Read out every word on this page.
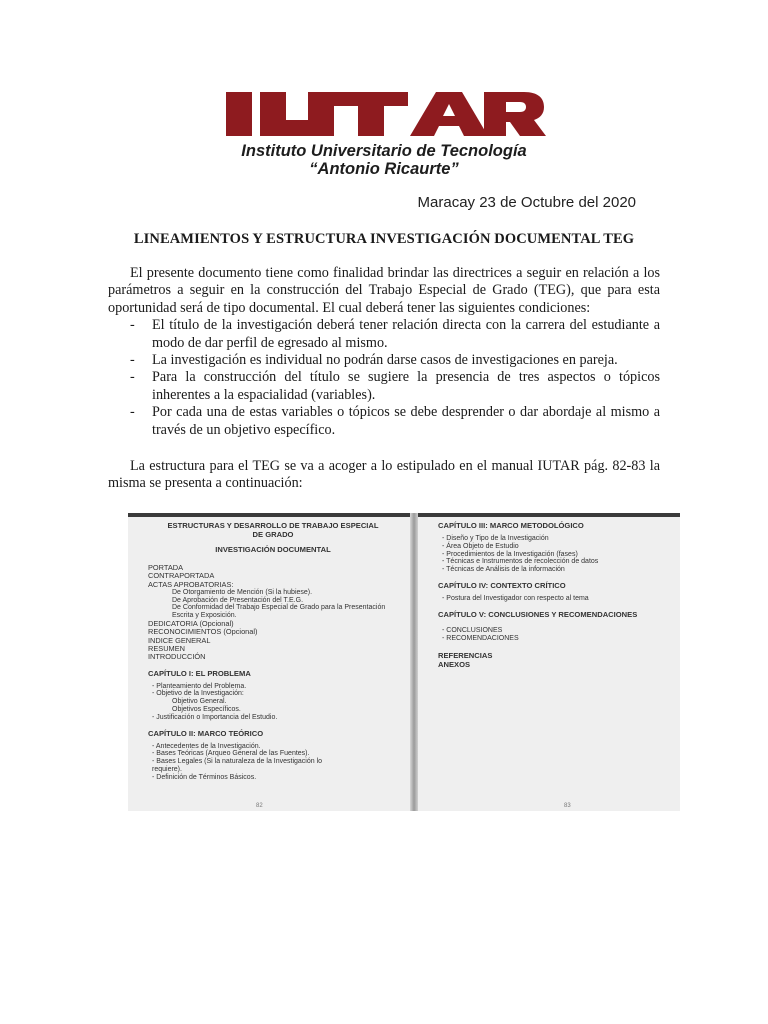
Instituto Universitario de Tecnología
“Antonio Ricaurte”
Maracay 23 de Octubre del 2020
LINEAMIENTOS Y ESTRUCTURA INVESTIGACIÓN DOCUMENTAL TEG

El presente documento tiene como finalidad brindar las directrices a seguir en relación a los parámetros a seguir en la construcción del Trabajo Especial de Grado (TEG), que para esta oportunidad será de tipo documental. El cual deberá tener las siguientes condiciones:

- El título de la investigación deberá tener relación directa con la carrera del estudiante a modo de dar perfil de egresado al mismo.
- La investigación es individual no podrán darse casos de investigaciones en pareja.
- Para la construcción del título se sugiere la presencia de tres aspectos o tópicos inherentes a la espacialidad (variables).
- Por cada una de estas variables o tópicos se debe desprender o dar abordaje al mismo a través de un objetivo específico.

La estructura para el TEG se va a acoger a lo estipulado en el manual IUTAR pág. 82-83 la misma se presenta a continuación:

ESTRUCTURAS Y DESARROLLO DE TRABAJO ESPECIAL
DE GRADO
INVESTIGACIÓN DOCUMENTAL
PORTADA
CONTRAPORTADA
ACTAS APROBATORIAS:
De Otorgamiento de Mención (Si la hubiese).
De Aprobación de Presentación del T.E.G.
De Conformidad del Trabajo Especial de Grado para la Presentación Escrita y Exposición.
DEDICATORIA (Opcional)
RECONOCIMIENTOS (Opcional)
INDICE GENERAL
RESUMEN
INTRODUCCIÓN
CAPÍTULO I: EL PROBLEMA
- Planteamiento del Problema.
- Objetivo de la Investigación:
Objetivo General.
Objetivos Específicos.
- Justificación o Importancia del Estudio.
CAPÍTULO II: MARCO TEÓRICO
- Antecedentes de la Investigación.
- Bases Teóricas (Arqueo General de las Fuentes).
- Bases Legales (Si la naturaleza de la Investigación lo
requiere).
- Definición de Términos Básicos.
82
CAPÍTULO III: MARCO METODOLÓGICO
- Diseño y Tipo de la Investigación
- Área Objeto de Estudio
- Procedimientos de la Investigación (fases)
- Técnicas e Instrumentos de recolección de datos
- Técnicas de Análisis de la información
CAPÍTULO IV: CONTEXTO CRÍTICO
- Postura del Investigador con respecto al tema
CAPÍTULO V: CONCLUSIONES Y RECOMENDACIONES
- CONCLUSIONES
- RECOMENDACIONES
REFERENCIAS
ANEXOS
83
